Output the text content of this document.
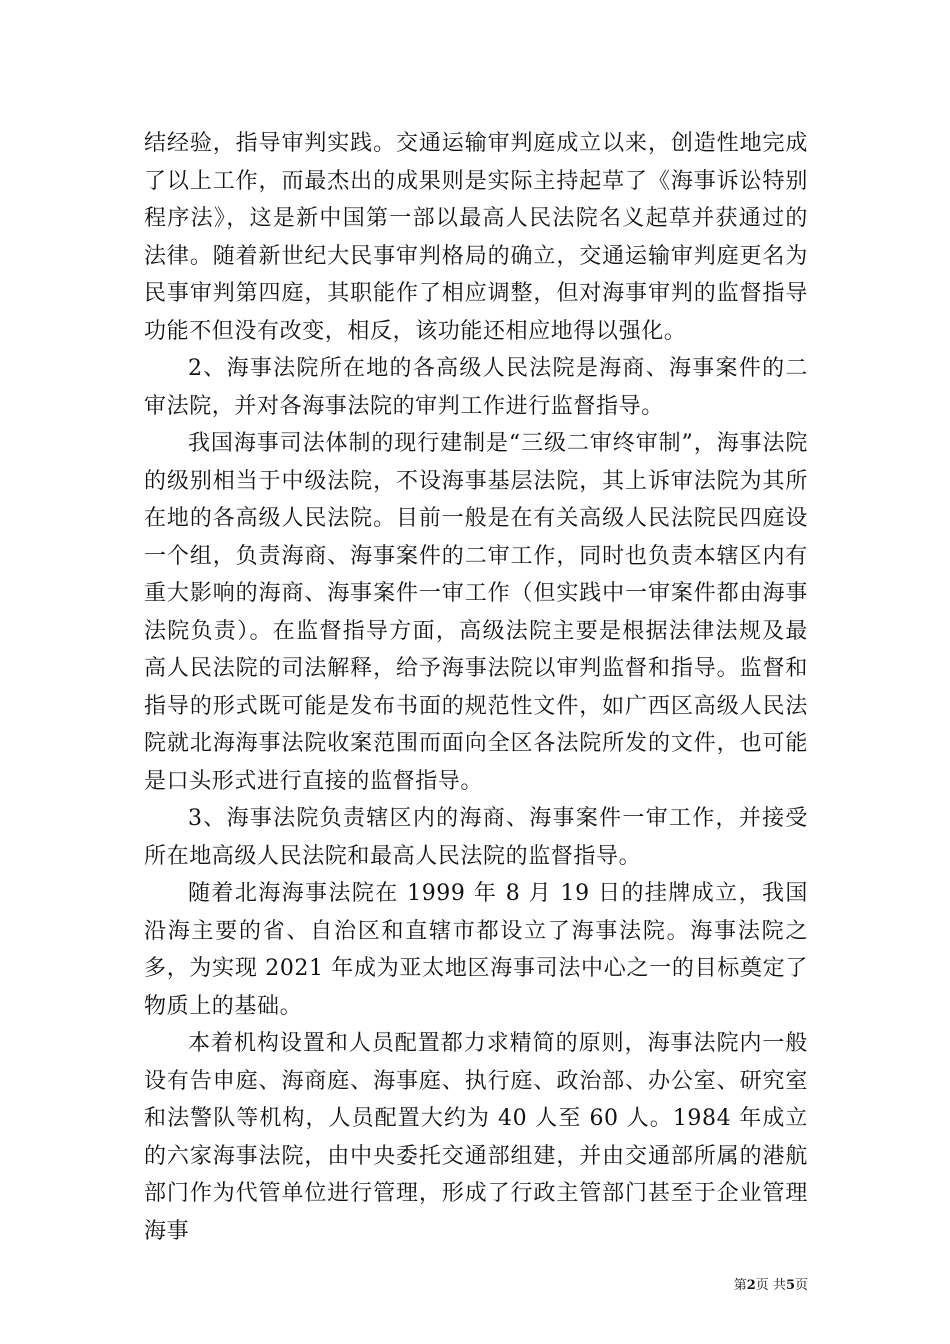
结经验，指导审判实践。交通运输审判庭成立以来，创造性地完成了以上工作，而最杰出的成果则是实际主持起草了《海事诉讼特别程序法》，这是新中国第一部以最高人民法院名义起草并获通过的法律。随着新世纪大民事审判格局的确立，交通运输审判庭更名为民事审判第四庭，其职能作了相应调整，但对海事审判的监督指导功能不但没有改变，相反，该功能还相应地得以强化。

2、海事法院所在地的各高级人民法院是海商、海事案件的二审法院，并对各海事法院的审判工作进行监督指导。

我国海事司法体制的现行建制是“三级二审终审制”，海事法院的级别相当于中级法院，不设海事基层法院，其上诉审法院为其所在地的各高级人民法院。目前一般是在有关高级人民法院民四庭设一个组，负责海商、海事案件的二审工作，同时也负责本辖区内有重大影响的海商、海事案件一审工作（但实践中一审案件都由海事法院负责）。在监督指导方面，高级法院主要是根据法律法规及最高人民法院的司法解释，给予海事法院以审判监督和指导。监督和指导的形式既可能是发布书面的规范性文件，如广西区高级人民法院就北海海事法院收案范围而面向全区各法院所发的文件，也可能是口头形式进行直接的监督指导。

3、海事法院负责辖区内的海商、海事案件一审工作，并接受所在地高级人民法院和最高人民法院的监督指导。

随着北海海事法院在 1999 年 8 月 19 日的挂牌成立，我国沿海主要的省、自治区和直辖市都设立了海事法院。海事法院之多，为实现 2021 年成为亚太地区海事司法中心之一的目标奠定了物质上的基础。

本着机构设置和人员配置都力求精简的原则，海事法院内一般设有告申庭、海商庭、海事庭、执行庭、政治部、办公室、研究室和法警队等机构，人员配置大约为 40 人至 60 人。1984 年成立的六家海事法院，由中央委托交通部组建，并由交通部所属的港航部门作为代管单位进行管理，形成了行政主管部门甚至于企业管理海事

第2页 共5页
